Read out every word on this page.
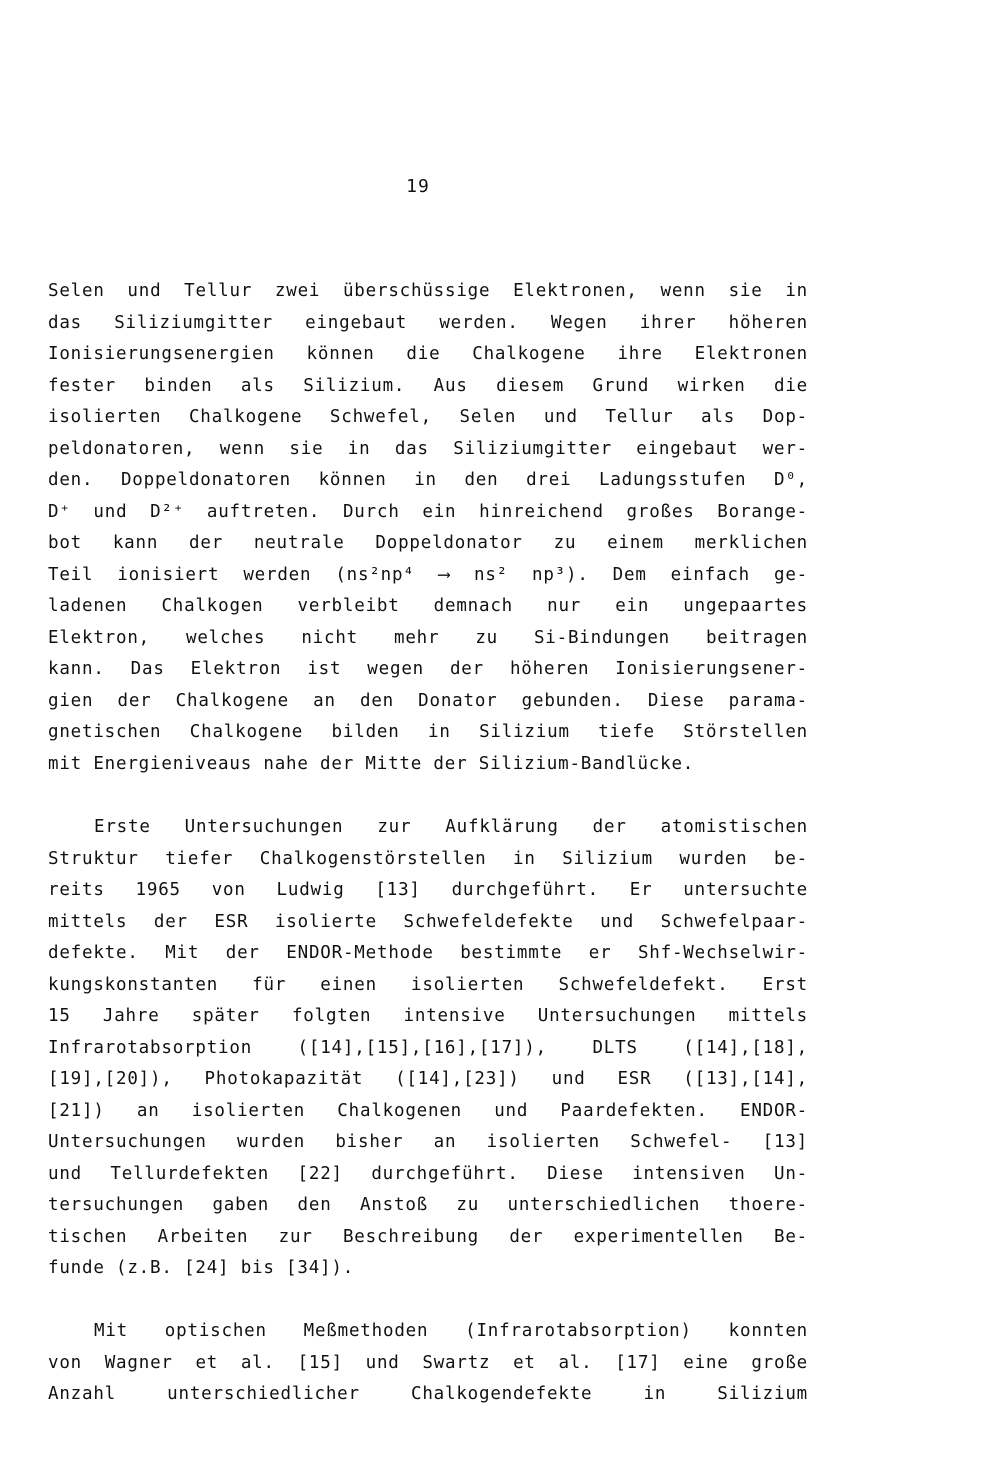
19
Selen und Tellur zwei überschüssige Elektronen, wenn sie in
das Siliziumgitter eingebaut werden. Wegen ihrer höheren
Ionisierungsenergien können die Chalkogene ihre Elektronen
fester binden als Silizium. Aus diesem Grund wirken die
isolierten Chalkogene Schwefel, Selen und Tellur als Dop-
peldonatoren, wenn sie in das Siliziumgitter eingebaut wer-
den. Doppeldonatoren können in den drei Ladungsstufen D⁰,
D⁺ und D²⁺ auftreten. Durch ein hinreichend großes Borange-
bot kann der neutrale Doppeldonator zu einem merklichen
Teil ionisiert werden (ns²np⁴ ⟶ ns² np³). Dem einfach ge-
ladenen Chalkogen verbleibt demnach nur ein ungepaartes
Elektron, welches nicht mehr zu Si-Bindungen beitragen
kann. Das Elektron ist wegen der höheren Ionisierungsener-
gien der Chalkogene an den Donator gebunden. Diese parama-
gnetischen Chalkogene bilden in Silizium tiefe Störstellen
mit Energieniveaus nahe der Mitte der Silizium-Bandlücke.
Erste Untersuchungen zur Aufklärung der atomistischen
Struktur tiefer Chalkogenstörstellen in Silizium wurden be-
reits 1965 von Ludwig [13] durchgeführt. Er untersuchte
mittels der ESR isolierte Schwefeldefekte und Schwefelpaar-
defekte. Mit der ENDOR-Methode bestimmte er Shf-Wechselwir-
kungskonstanten für einen isolierten Schwefeldefekt. Erst
15 Jahre später folgten intensive Untersuchungen mittels
Infrarotabsorption ([14],[15],[16],[17]), DLTS ([14],[18],
[19],[20]), Photokapazität ([14],[23]) und ESR ([13],[14],
[21]) an isolierten Chalkogenen und Paardefekten. ENDOR-
Untersuchungen wurden bisher an isolierten Schwefel- [13]
und Tellurdefekten [22] durchgeführt. Diese intensiven Un-
tersuchungen gaben den Anstoß zu unterschiedlichen thoere-
tischen Arbeiten zur Beschreibung der experimentellen Be-
funde (z.B. [24] bis [34]).
Mit optischen Meßmethoden (Infrarotabsorption) konnten
von Wagner et al. [15] und Swartz et al. [17] eine große
Anzahl unterschiedlicher Chalkogendefekte in Silizium
